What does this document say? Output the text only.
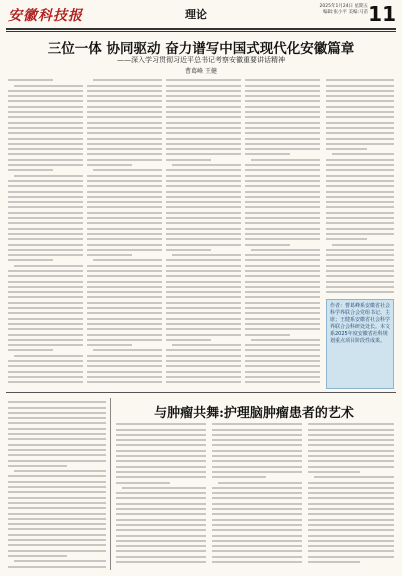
安徽科技报	理论
2025年1月24日 星期五
编辑:张小平 美编:马苗 11
三位一体 协同驱动 奋力谱写中国式现代化安徽篇章
——深入学习贯彻习近平总书记考察安徽重要讲话精神
曹葛峰 王健
作者：曹葛峰系安徽省社会科学界联合会党组书记、主席；王健系安徽省社会科学界联合会科研处处长。本文系2025年度安徽省社科规划重点项目阶段性成果。
与肿瘤共舞:护理脑肿瘤患者的艺术
